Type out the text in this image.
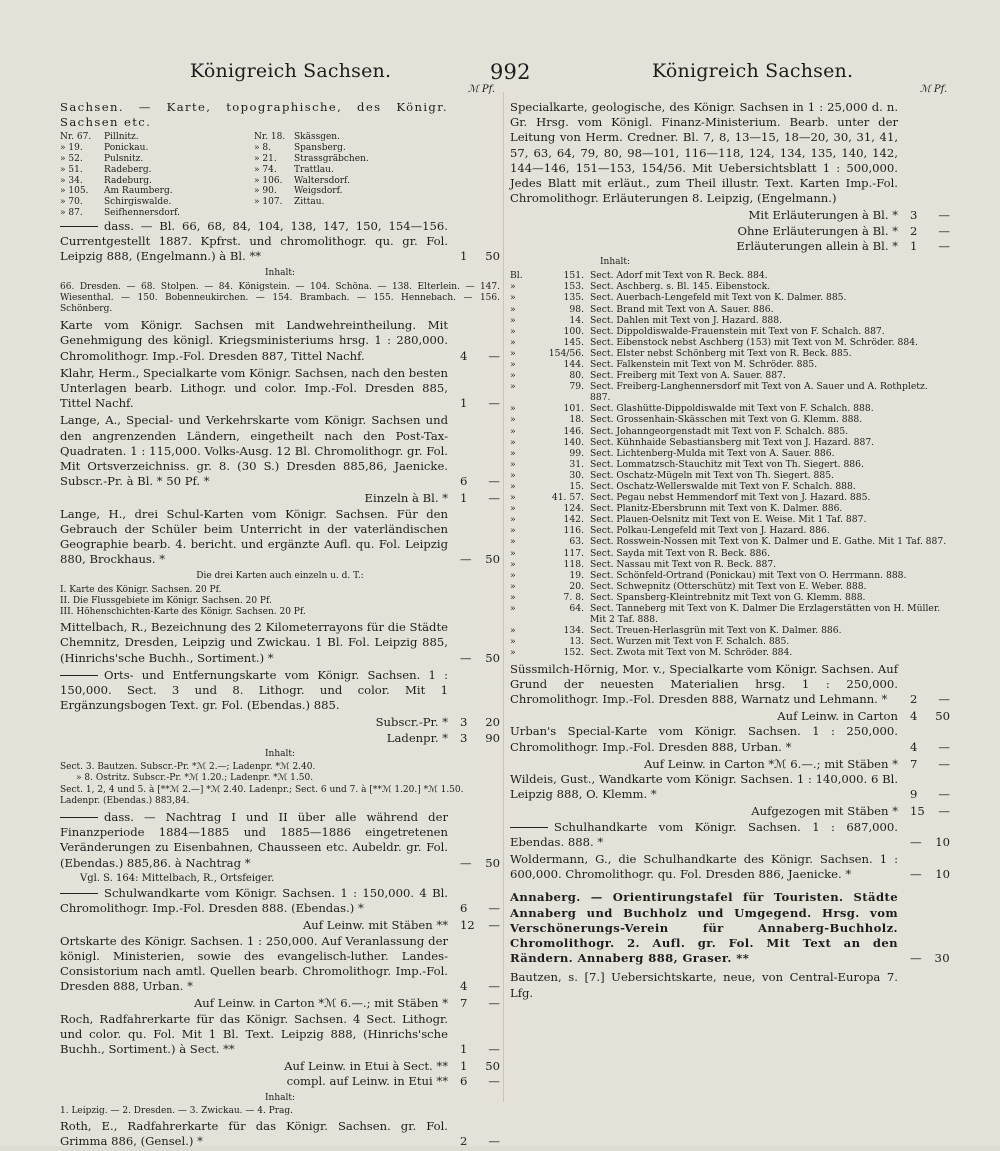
Königreich Sachsen.	992	Königreich Sachsen.
ℳ Pf.	ℳ Pf.
Sachsen. — Karte, topographische, des Königr. Sachsen etc.
Nr. 67.	Pillnitz.	Nr. 18.	Skässgen.
» 19.	Ponickau.	» 8.	Spansberg.
» 52.	Pulsnitz.	» 21.	Strassgräbchen.
» 51.	Radeberg.	» 74.	Trattlau.
» 34.	Radeburg.	» 106.	Waltersdorf.
» 105.	Am Raumberg.	» 90.	Weigsdorf.
» 70.	Schirgiswalde.	» 107.	Zittau.
» 87.	Seifhennersdorf.		
dass. — Bl. 66, 68, 84, 104, 138, 147, 150, 154—156. Currentgestellt 1887. Kpfrst. und chromolithogr. qu. gr. Fol. Leipzig 888, (Engelmann.) à Bl. **	1 50
Inhalt:
66. Dresden. — 68. Stolpen. — 84. Königstein. — 104. Schöna. — 138. Elterlein. — 147. Wiesenthal. — 150. Bobenneukirchen. — 154. Brambach. — 155. Hennebach. — 156. Schönberg.
Karte vom Königr. Sachsen mit Landwehreintheilung. Mit Genehmigung des königl. Kriegsministeriums hrsg. 1 : 280,000. Chromolithogr. Imp.-Fol. Dresden 887, Tittel Nachf.	4 —
Klahr, Herm., Specialkarte vom Königr. Sachsen, nach den besten Unterlagen bearb. Lithogr. und color. Imp.-Fol. Dresden 885, Tittel Nachf.	1 —
Lange, A., Special- und Verkehrskarte vom Königr. Sachsen und den angrenzenden Ländern, eingetheilt nach den Post-Tax-Quadraten. 1 : 115,000. Volks-Ausg. 12 Bl. Chromolithogr. gr. Fol. Mit Ortsverzeichniss. gr. 8. (30 S.) Dresden 885,86, Jaenicke. Subscr.-Pr. à Bl. * 50 Pf. *	6 —
Einzeln à Bl. *	1 —
Lange, H., drei Schul-Karten vom Königr. Sachsen. Für den Gebrauch der Schüler beim Unterricht in der vaterländischen Geographie bearb. 4. bericht. und ergänzte Aufl. qu. Fol. Leipzig 880, Brockhaus. *	— 50
Die drei Karten auch einzeln u. d. T.:
I. Karte des Königr. Sachsen. 20 Pf.
II. Die Flussgebiete im Königr. Sachsen. 20 Pf.
III. Höhenschichten-Karte des Königr. Sachsen. 20 Pf.
Mittelbach, R., Bezeichnung des 2 Kilometerrayons für die Städte Chemnitz, Dresden, Leipzig und Zwickau. 1 Bl. Fol. Leipzig 885, (Hinrichs'sche Buchh., Sortiment.) *	— 50
Orts- und Entfernungskarte vom Königr. Sachsen. 1 : 150,000. Sect. 3 und 8. Lithogr. und color. Mit 1 Ergänzungsbogen Text. gr. Fol. (Ebendas.) 885.
Subscr.-Pr. *	3 20
Ladenpr. *	3 90
Inhalt:
Sect. 3. Bautzen. Subscr.-Pr. *ℳ 2.—; Ladenpr. *ℳ 2.40.
» 8. Ostritz. Subscr.-Pr. *ℳ 1.20.; Ladenpr. *ℳ 1.50.
Sect. 1, 2, 4 und 5. à [**ℳ 2.—] *ℳ 2.40. Ladenpr.; Sect. 6 und 7. à [**ℳ 1.20.] *ℳ 1.50. Ladenpr. (Ebendas.) 883,84.
dass. — Nachtrag I und II über alle während der Finanzperiode 1884—1885 und 1885—1886 eingetretenen Veränderungen zu Eisenbahnen, Chausseen etc. Aubeldr. gr. Fol. (Ebendas.) 885,86. à Nachtrag *	— 50
Vgl. S. 164: Mittelbach, R., Ortsfeiger.
Schulwandkarte vom Königr. Sachsen. 1 : 150,000. 4 Bl. Chromolithogr. Imp.-Fol. Dresden 888. (Ebendas.) *	6 —
Auf Leinw. mit Stäben **	12 —
Ortskarte des Königr. Sachsen. 1 : 250,000. Auf Veranlassung der königl. Ministerien, sowie des evangelisch-luther. Landes-Consistorium nach amtl. Quellen bearb. Chromolithogr. Imp.-Fol. Dresden 888, Urban. *	4 —
Auf Leinw. in Carton *ℳ 6.—.; mit Stäben *	7 —
Roch, Radfahrerkarte für das Königr. Sachsen. 4 Sect. Lithogr. und color. qu. Fol. Mit 1 Bl. Text. Leipzig 888, (Hinrichs'sche Buchh., Sortiment.) à Sect. **	1 —
Auf Leinw. in Etui à Sect. **	1 50
compl. auf Leinw. in Etui **	6 —
Inhalt:
1. Leipzig. — 2. Dresden. — 3. Zwickau. — 4. Prag.
Roth, E., Radfahrerkarte für das Königr. Sachsen. gr. Fol. Grimma 886, (Gensel.) *	2 —
Specialkarte, geologische, des Königr. Sachsen in 1 : 25,000 d. n. Gr. Hrsg. vom Königl. Finanz-Ministerium. Bearb. unter der Leitung von Herm. Credner. Bl. 7, 8, 13—15, 18—20, 30, 31, 41, 57, 63, 64, 79, 80, 98—101, 116—118, 124, 134, 135, 140, 142, 144—146, 151—153, 154/56. Mit Uebersichtsblatt 1 : 500,000. Jedes Blatt mit erläut., zum Theil illustr. Text. Karten Imp.-Fol. Chromolithogr. Erläuterungen 8. Leipzig, (Engelmann.)
Mit Erläuterungen à Bl. *	3 —
Ohne Erläuterungen à Bl. *	2 —
Erläuterungen allein à Bl. *	1 —
Inhalt:
Bl.	151.	Sect. Adorf mit Text von R. Beck. 884.
»	153.	Sect. Aschberg. s. Bl. 145. Eibenstock.
»	135.	Sect. Auerbach-Lengefeld mit Text von K. Dalmer. 885.
»	98.	Sect. Brand mit Text von A. Sauer. 886.
»	14.	Sect. Dahlen mit Text von J. Hazard. 888.
»	100.	Sect. Dippoldiswalde-Frauenstein mit Text von F. Schalch. 887.
»	145.	Sect. Eibenstock nebst Aschberg (153) mit Text von M. Schröder. 884.
»	154/56.	Sect. Elster nebst Schönberg mit Text von R. Beck. 885.
»	144.	Sect. Falkenstein mit Text von M. Schröder. 885.
»	80.	Sect. Freiberg mit Text von A. Sauer. 887.
»	79.	Sect. Freiberg-Langhennersdorf mit Text von A. Sauer und A. Rothpletz. 887.
»	101.	Sect. Glashütte-Dippoldiswalde mit Text von F. Schalch. 888.
»	18.	Sect. Grossenhain-Skässchen mit Text von G. Klemm. 888.
»	146.	Sect. Johanngeorgenstadt mit Text von F. Schalch. 885.
»	140.	Sect. Kühnhaide Sebastiansberg mit Text von J. Hazard. 887.
»	99.	Sect. Lichtenberg-Mulda mit Text von A. Sauer. 886.
»	31.	Sect. Lommatzsch-Stauchitz mit Text von Th. Siegert. 886.
»	30.	Sect. Oschatz-Mügeln mit Text von Th. Siegert. 885.
»	15.	Sect. Oschatz-Wellerswalde mit Text von F. Schalch. 888.
»	41. 57.	Sect. Pegau nebst Hemmendorf mit Text von J. Hazard. 885.
»	124.	Sect. Planitz-Ebersbrunn mit Text von K. Dalmer. 886.
»	142.	Sect. Plauen-Oelsnitz mit Text von E. Weise. Mit 1 Taf. 887.
»	116.	Sect. Polkau-Lengefeld mit Text von J. Hazard. 886.
»	63.	Sect. Rosswein-Nossen mit Text von K. Dalmer und E. Gathe. Mit 1 Taf. 887.
»	117.	Sect. Sayda mit Text von R. Beck. 886.
»	118.	Sect. Nassau mit Text von R. Beck. 887.
»	19.	Sect. Schönfeld-Ortrand (Ponickau) mit Text von O. Herrmann. 888.
»	20.	Sect. Schwepnitz (Otterschütz) mit Text von E. Weber. 888.
»	7. 8.	Sect. Spansberg-Kleintrebnitz mit Text von G. Klemm. 888.
»	64.	Sect. Tanneberg mit Text von K. Dalmer Die Erzlagerstätten von H. Müller. Mit 2 Taf. 888.
»	134.	Sect. Treuen-Herlasgrün mit Text von K. Dalmer. 886.
»	13.	Sect. Wurzen mit Text von F. Schalch. 885.
»	152.	Sect. Zwota mit Text von M. Schröder. 884.
Süssmilch-Hörnig, Mor. v., Specialkarte vom Königr. Sachsen. Auf Grund der neuesten Materialien hrsg. 1 : 250,000. Chromolithogr. Imp.-Fol. Dresden 888, Warnatz und Lehmann. *	2 —
Auf Leinw. in Carton	4 50
Urban's Special-Karte vom Königr. Sachsen. 1 : 250,000. Chromolithogr. Imp.-Fol. Dresden 888, Urban. *	4 —
Auf Leinw. in Carton *ℳ 6.—.; mit Stäben *	7 —
Wildeis, Gust., Wandkarte vom Königr. Sachsen. 1 : 140,000. 6 Bl. Leipzig 888, O. Klemm. *	9 —
Aufgezogen mit Stäben *	15 —
Schulhandkarte vom Königr. Sachsen. 1 : 687,000. Ebendas. 888. *	— 10
Woldermann, G., die Schulhandkarte des Königr. Sachsen. 1 : 600,000. Chromolithogr. qu. Fol. Dresden 886, Jaenicke. *	— 10
Annaberg. — Orientirungstafel für Touristen. Städte Annaberg und Buchholz und Umgegend. Hrsg. vom Verschönerungs-Verein für Annaberg-Buchholz. Chromolithogr. 2. Aufl. gr. Fol. Mit Text an den Rändern. Annaberg 888, Graser. **	— 30
Bautzen, s. [7.] Uebersichtskarte, neue, von Central-Europa 7. Lfg.
